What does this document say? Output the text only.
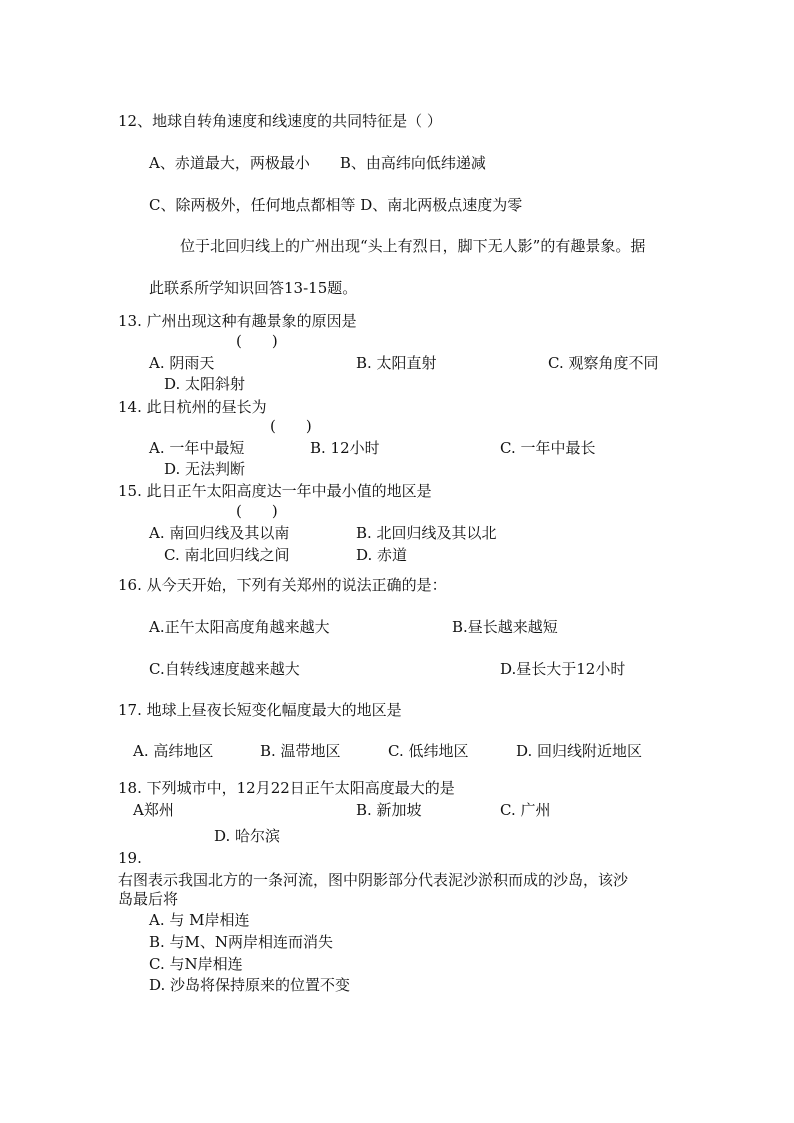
12、地球自转角速度和线速度的共同特征是（ ）
A、赤道最大，两极最小　　B、由高纬向低纬递减
C、除两极外，任何地点都相等 D、南北两极点速度为零
位于北回归线上的广州出现“头上有烈日，脚下无人影”的有趣景象。据
此联系所学知识回答13-15题。
13. 广州出现这种有趣景象的原因是
(　　)
A. 阴雨天	B. 太阳直射	C. 观察角度不同
D. 太阳斜射
14. 此日杭州的昼长为
(　　)
A. 一年中最短	B. 12小时	C. 一年中最长
D. 无法判断
15. 此日正午太阳高度达一年中最小值的地区是
(　　)
A. 南回归线及其以南	B. 北回归线及其以北
C. 南北回归线之间	D. 赤道
16. 从今天开始，下列有关郑州的说法正确的是：
A.正午太阳高度角越来越大	B.昼长越来越短
C.自转线速度越来越大	D.昼长大于12小时
17. 地球上昼夜长短变化幅度最大的地区是
A. 高纬地区	B. 温带地区	C. 低纬地区	D. 回归线附近地区
18. 下列城市中，12月22日正午太阳高度最大的是
A郑州	B. 新加坡	C. 广州
D. 哈尔滨
19.
右图表示我国北方的一条河流，图中阴影部分代表泥沙淤积而成的沙岛，该沙
岛最后将
A. 与 M岸相连
B. 与M、N两岸相连而消失
C. 与N岸相连
D. 沙岛将保持原来的位置不变
